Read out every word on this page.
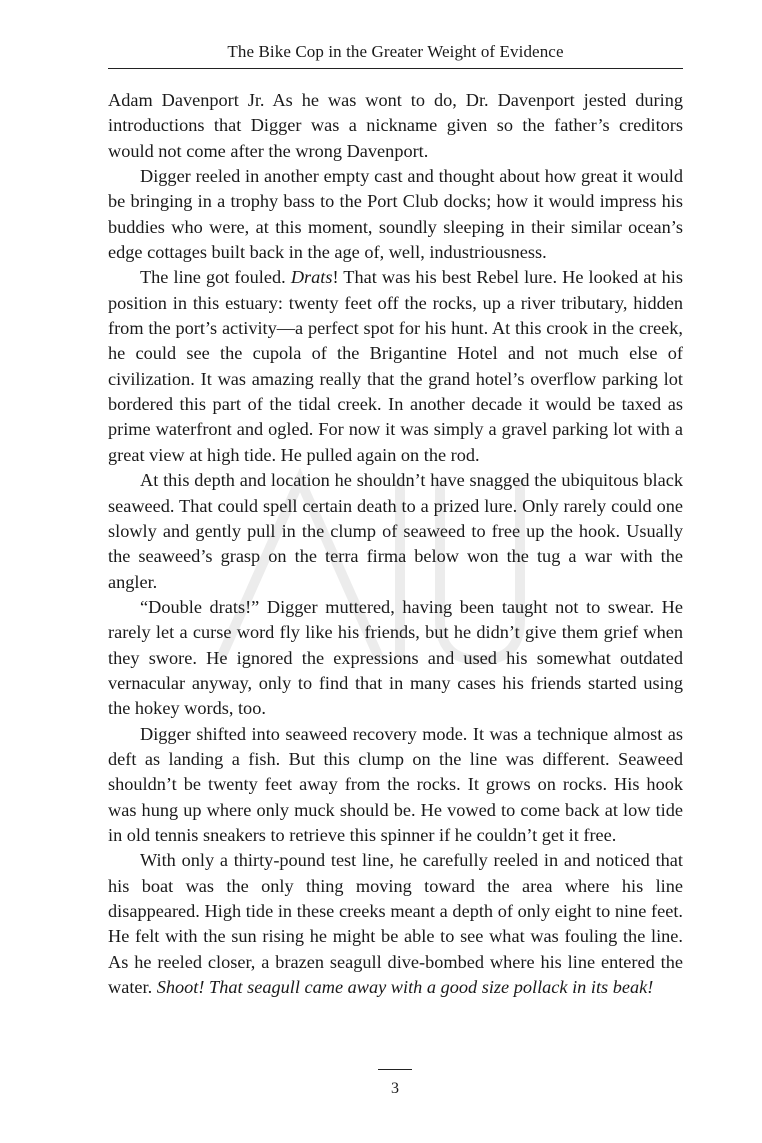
The Bike Cop in the Greater Weight of Evidence

Adam Davenport Jr. As he was wont to do, Dr. Davenport jested during introductions that Digger was a nickname given so the father’s creditors would not come after the wrong Davenport.

Digger reeled in another empty cast and thought about how great it would be bringing in a trophy bass to the Port Club docks; how it would impress his buddies who were, at this moment, soundly sleeping in their similar ocean’s edge cottages built back in the age of, well, industriousness.

The line got fouled. Drats! That was his best Rebel lure. He looked at his position in this estuary: twenty feet off the rocks, up a river tributary, hidden from the port’s activity—a perfect spot for his hunt. At this crook in the creek, he could see the cupola of the Brigantine Hotel and not much else of civilization. It was amazing really that the grand hotel’s overflow parking lot bordered this part of the tidal creek. In another decade it would be taxed as prime waterfront and ogled. For now it was simply a gravel parking lot with a great view at high tide. He pulled again on the rod.

At this depth and location he shouldn’t have snagged the ubiquitous black seaweed. That could spell certain death to a prized lure. Only rarely could one slowly and gently pull in the clump of seaweed to free up the hook. Usually the seaweed’s grasp on the terra firma below won the tug a war with the angler.

“Double drats!” Digger muttered, having been taught not to swear. He rarely let a curse word fly like his friends, but he didn’t give them grief when they swore. He ignored the expressions and used his somewhat outdated vernacular anyway, only to find that in many cases his friends started using the hokey words, too.

Digger shifted into seaweed recovery mode. It was a technique almost as deft as landing a fish. But this clump on the line was different. Seaweed shouldn’t be twenty feet away from the rocks. It grows on rocks. His hook was hung up where only muck should be. He vowed to come back at low tide in old tennis sneakers to retrieve this spinner if he couldn’t get it free.

With only a thirty-pound test line, he carefully reeled in and noticed that his boat was the only thing moving toward the area where his line disappeared. High tide in these creeks meant a depth of only eight to nine feet. He felt with the sun rising he might be able to see what was fouling the line. As he reeled closer, a brazen seagull dive-bombed where his line entered the water. Shoot! That seagull came away with a good size pollack in its beak!

3
